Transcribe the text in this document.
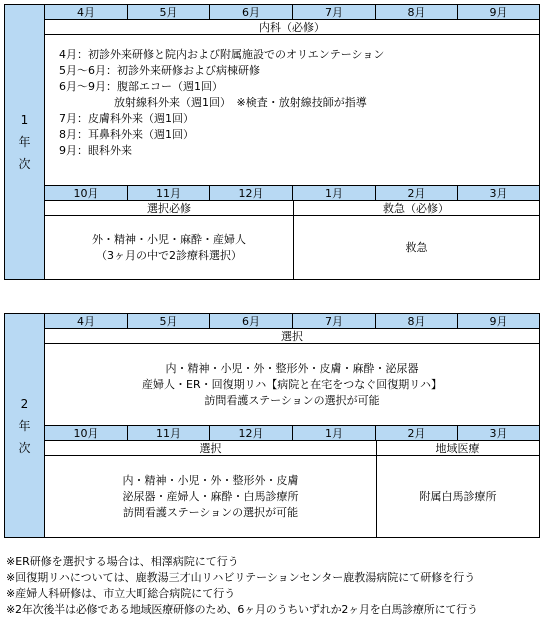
1
年
次
4月	5月	6月	7月	8月	9月
内科（必修）
4月：初診外来研修と院内および附属施設でのオリエンテーション
5月～6月：初診外来研修および病棟研修
6月～9月：腹部エコー（週1回）
　　　　　放射線科外来（週1回）　※検査・放射線技師が指導
7月：皮膚科外来（週1回）
8月：耳鼻科外来（週1回）
9月：眼科外来
10月	11月	12月	1月	2月	3月
選択必修	救急（必修）
外・精神・小児・麻酔・産婦人
（3ヶ月の中で2診療科選択）
救急
2
年
次
4月	5月	6月	7月	8月	9月
選択
内・精神・小児・外・整形外・皮膚・麻酔・泌尿器
産婦人・ER・回復期リハ【病院と在宅をつなぐ回復期リハ】
訪問看護ステーションの選択が可能
10月	11月	12月	1月	2月	3月
選択	地域医療
内・精神・小児・外・整形外・皮膚
泌尿器・産婦人・麻酔・白馬診療所
訪問看護ステーションの選択が可能
附属白馬診療所
※ER研修を選択する場合は、相澤病院にて行う
※回復期リハについては、鹿教湯三才山リハビリテーションセンター鹿教湯病院にて研修を行う
※産婦人科研修は、市立大町総合病院にて行う
※2年次後半は必修である地域医療研修のため、6ヶ月のうちいずれか2ヶ月を白馬診療所にて行う
